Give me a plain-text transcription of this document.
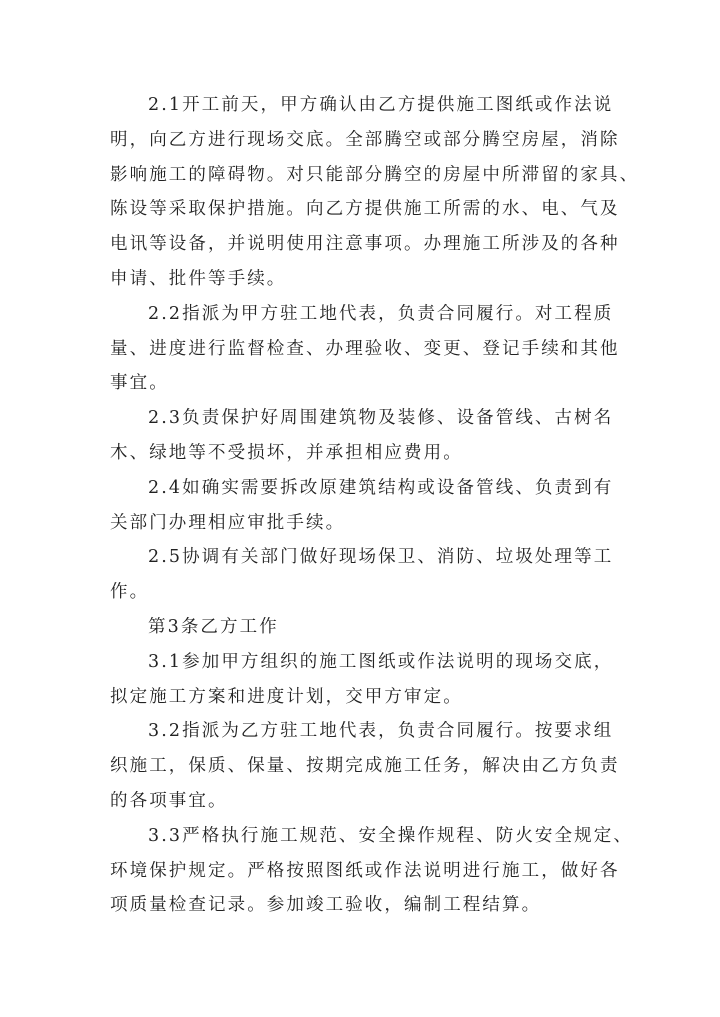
2.1开工前天，甲方确认由乙方提供施工图纸或作法说
明，向乙方进行现场交底。全部腾空或部分腾空房屋，消除
影响施工的障碍物。对只能部分腾空的房屋中所滞留的家具、
陈设等采取保护措施。向乙方提供施工所需的水、电、气及
电讯等设备，并说明使用注意事项。办理施工所涉及的各种
申请、批件等手续。
2.2指派为甲方驻工地代表，负责合同履行。对工程质
量、进度进行监督检查、办理验收、变更、登记手续和其他
事宜。
2.3负责保护好周围建筑物及装修、设备管线、古树名
木、绿地等不受损坏，并承担相应费用。
2.4如确实需要拆改原建筑结构或设备管线、负责到有
关部门办理相应审批手续。
2.5协调有关部门做好现场保卫、消防、垃圾处理等工
作。
第3条乙方工作
3.1参加甲方组织的施工图纸或作法说明的现场交底，
拟定施工方案和进度计划，交甲方审定。
3.2指派为乙方驻工地代表，负责合同履行。按要求组
织施工，保质、保量、按期完成施工任务，解决由乙方负责
的各项事宜。
3.3严格执行施工规范、安全操作规程、防火安全规定、
环境保护规定。严格按照图纸或作法说明进行施工，做好各
项质量检查记录。参加竣工验收，编制工程结算。
